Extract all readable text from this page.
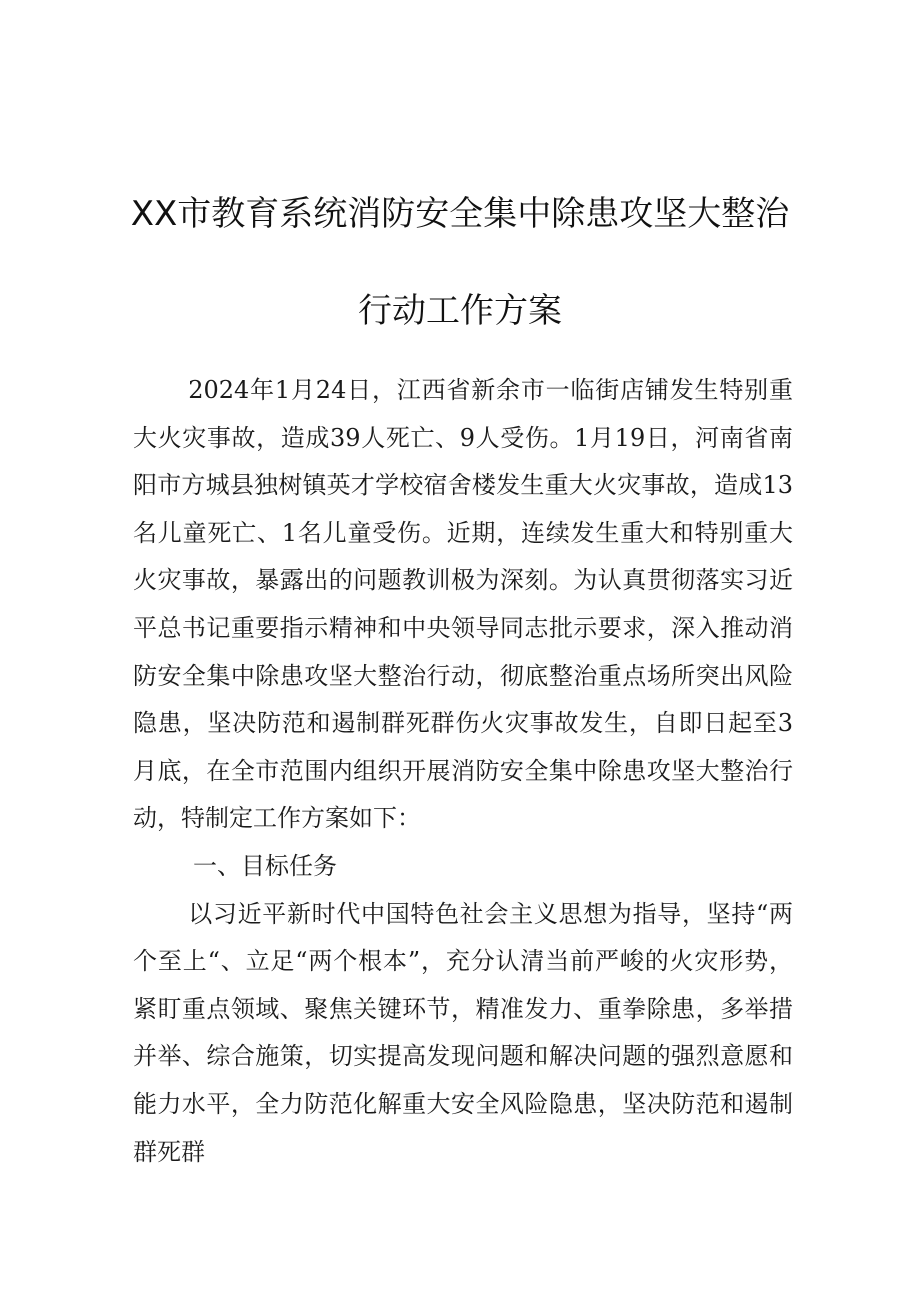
XX市教育系统消防安全集中除患攻坚大整治
行动工作方案

2024年1月24日，江西省新余市一临街店铺发生特别重大火灾事故，造成39人死亡、9人受伤。1月19日，河南省南阳市方城县独树镇英才学校宿舍楼发生重大火灾事故，造成13名儿童死亡、1名儿童受伤。近期，连续发生重大和特别重大火灾事故，暴露出的问题教训极为深刻。为认真贯彻落实习近平总书记重要指示精神和中央领导同志批示要求，深入推动消防安全集中除患攻坚大整治行动，彻底整治重点场所突出风险隐患，坚决防范和遏制群死群伤火灾事故发生，自即日起至3月底，在全市范围内组织开展消防安全集中除患攻坚大整治行动，特制定工作方案如下：

一、目标任务

以习近平新时代中国特色社会主义思想为指导，坚持“两个至上“、立足“两个根本”，充分认清当前严峻的火灾形势，紧盯重点领域、聚焦关键环节，精准发力、重拳除患，多举措并举、综合施策，切实提高发现问题和解决问题的强烈意愿和能力水平，全力防范化解重大安全风险隐患，坚决防范和遏制群死群
